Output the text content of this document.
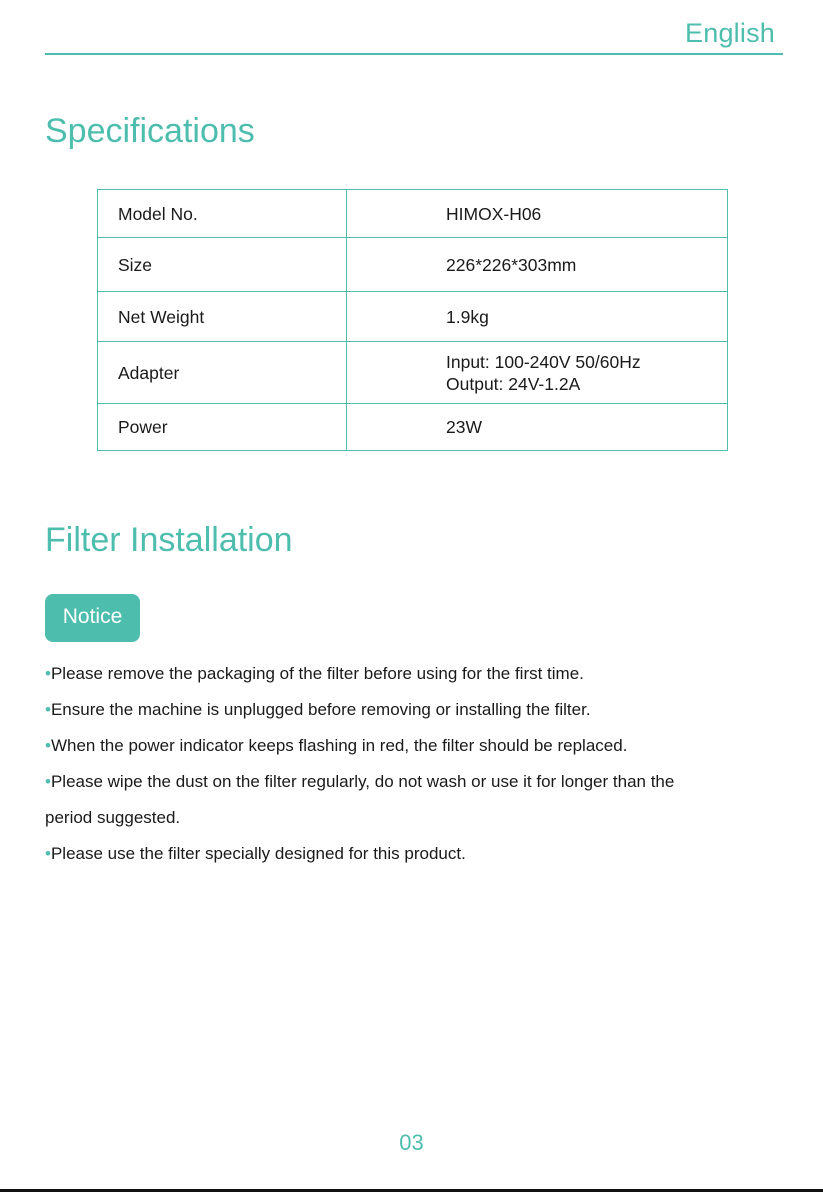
English
Specifications
Model No.	HIMOX-H06
Size	226*226*303mm
Net Weight	1.9kg
Adapter	Input: 100-240V 50/60Hz
Output: 24V-1.2A

Power	23W
Filter Installation
Notice
•Please remove the packaging of the filter before using for the first time.
•Ensure the machine is unplugged before removing or installing the filter.
•When the power indicator keeps flashing in red, the filter should be replaced.
•Please wipe the dust on the filter regularly, do not wash or use it for longer than the period suggested.
•Please use the filter specially designed for this product.
03
